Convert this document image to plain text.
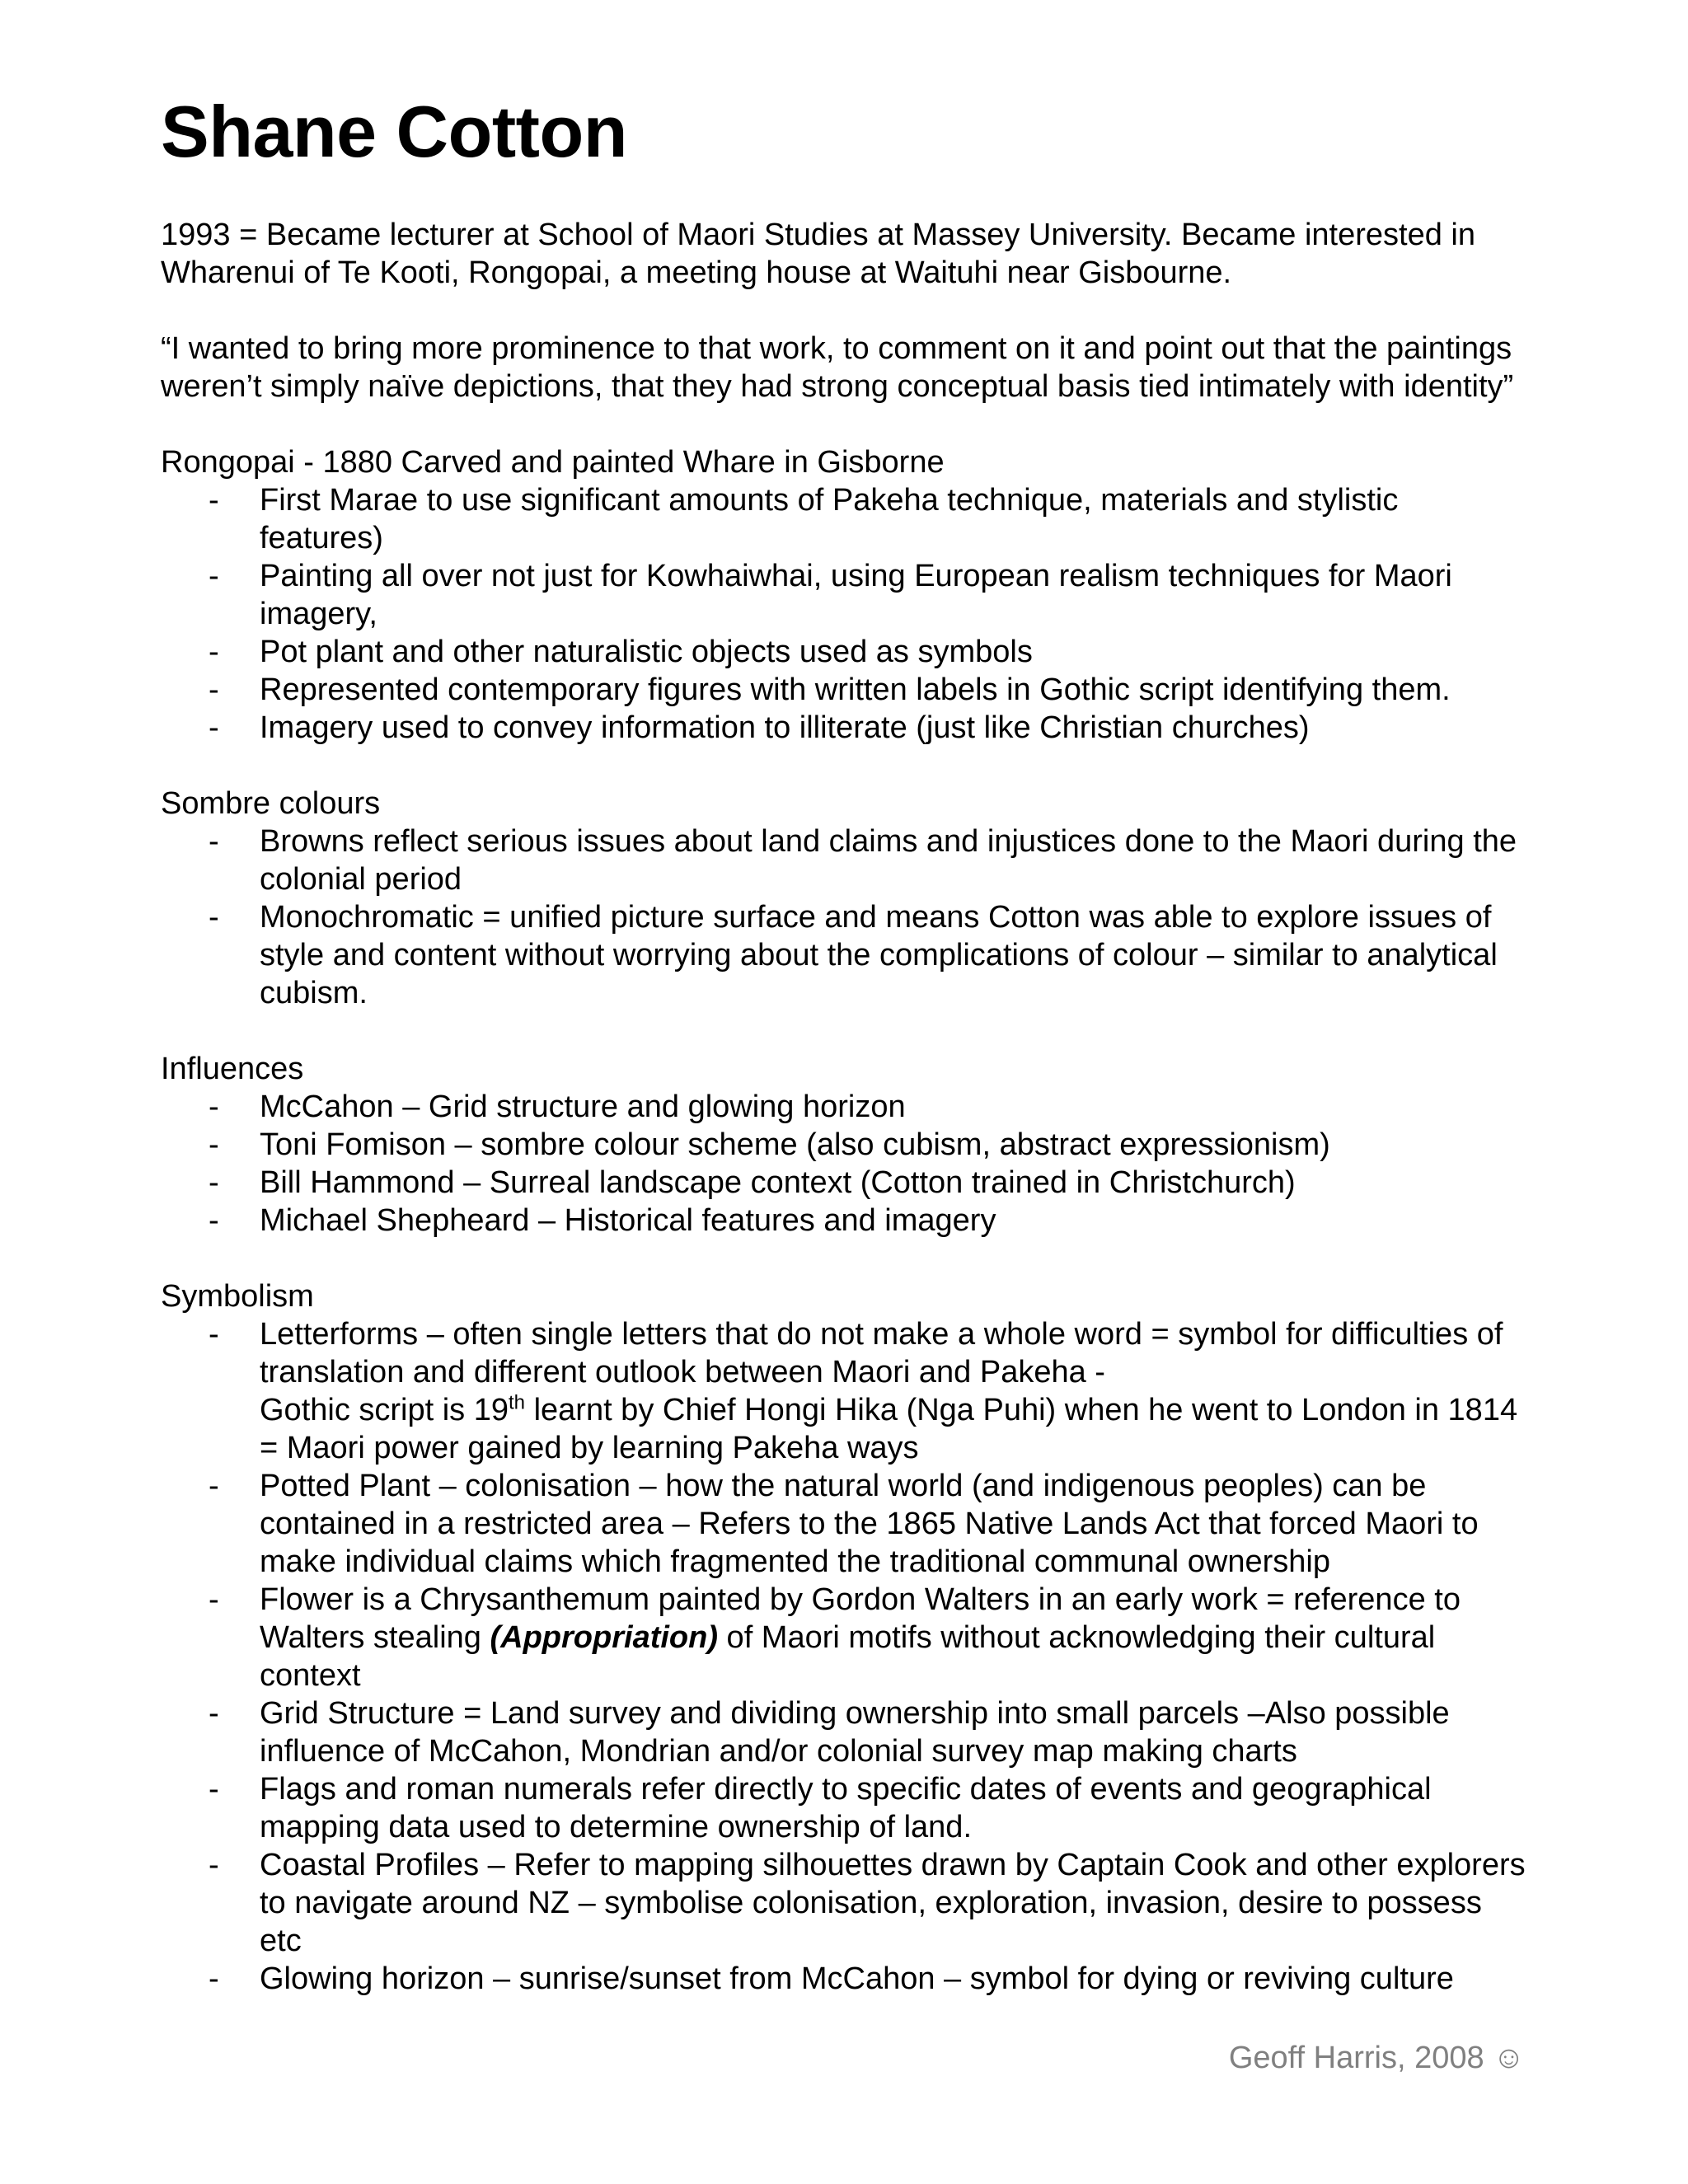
Shane Cotton

1993 = Became lecturer at School of Maori Studies at Massey University. Became interested in Wharenui of Te Kooti, Rongopai, a meeting house at Waituhi near Gisbourne.

“I wanted to bring more prominence to that work, to comment on it and point out that the paintings weren’t simply naïve depictions, that they had strong conceptual basis tied intimately with identity”

Rongopai - 1880 Carved and painted Whare in Gisborne

- First Marae to use significant amounts of Pakeha technique, materials and stylistic features)
- Painting all over not just for Kowhaiwhai, using European realism techniques for Maori imagery,
- Pot plant and other naturalistic objects used as symbols
- Represented contemporary figures with written labels in Gothic script identifying them.
- Imagery used to convey information to illiterate (just like Christian churches)

Sombre colours

- Browns reflect serious issues about land claims and injustices done to the Maori during the colonial period
- Monochromatic = unified picture surface and means Cotton was able to explore issues of style and content without worrying about the complications of colour – similar to analytical cubism.

Influences

- McCahon – Grid structure and glowing horizon
- Toni Fomison – sombre colour scheme (also cubism, abstract expressionism)
- Bill Hammond – Surreal landscape context (Cotton trained in Christchurch)
- Michael Shepheard – Historical features and imagery

Symbolism

- Letterforms – often single letters that do not make a whole word = symbol for difficulties of translation and different outlook between Maori and Pakeha -
Gothic script is 19th learnt by Chief Hongi Hika (Nga Puhi) when he went to London in 1814 = Maori power gained by learning Pakeha ways
- Potted Plant – colonisation – how the natural world (and indigenous peoples) can be contained in a restricted area – Refers to the 1865 Native Lands Act that forced Maori to make individual claims which fragmented the traditional communal ownership
- Flower is a Chrysanthemum painted by Gordon Walters in an early work = reference to Walters stealing (Appropriation) of Maori motifs without acknowledging their cultural context
- Grid Structure = Land survey and dividing ownership into small parcels –Also possible influence of McCahon, Mondrian and/or colonial survey map making charts
- Flags and roman numerals refer directly to specific dates of events and geographical mapping data used to determine ownership of land.
- Coastal Profiles – Refer to mapping silhouettes drawn by Captain Cook and other explorers to navigate around NZ – symbolise colonisation, exploration, invasion, desire to possess etc
- Glowing horizon – sunrise/sunset from McCahon – symbol for dying or reviving culture
Geoff Harris, 2008 ☺
